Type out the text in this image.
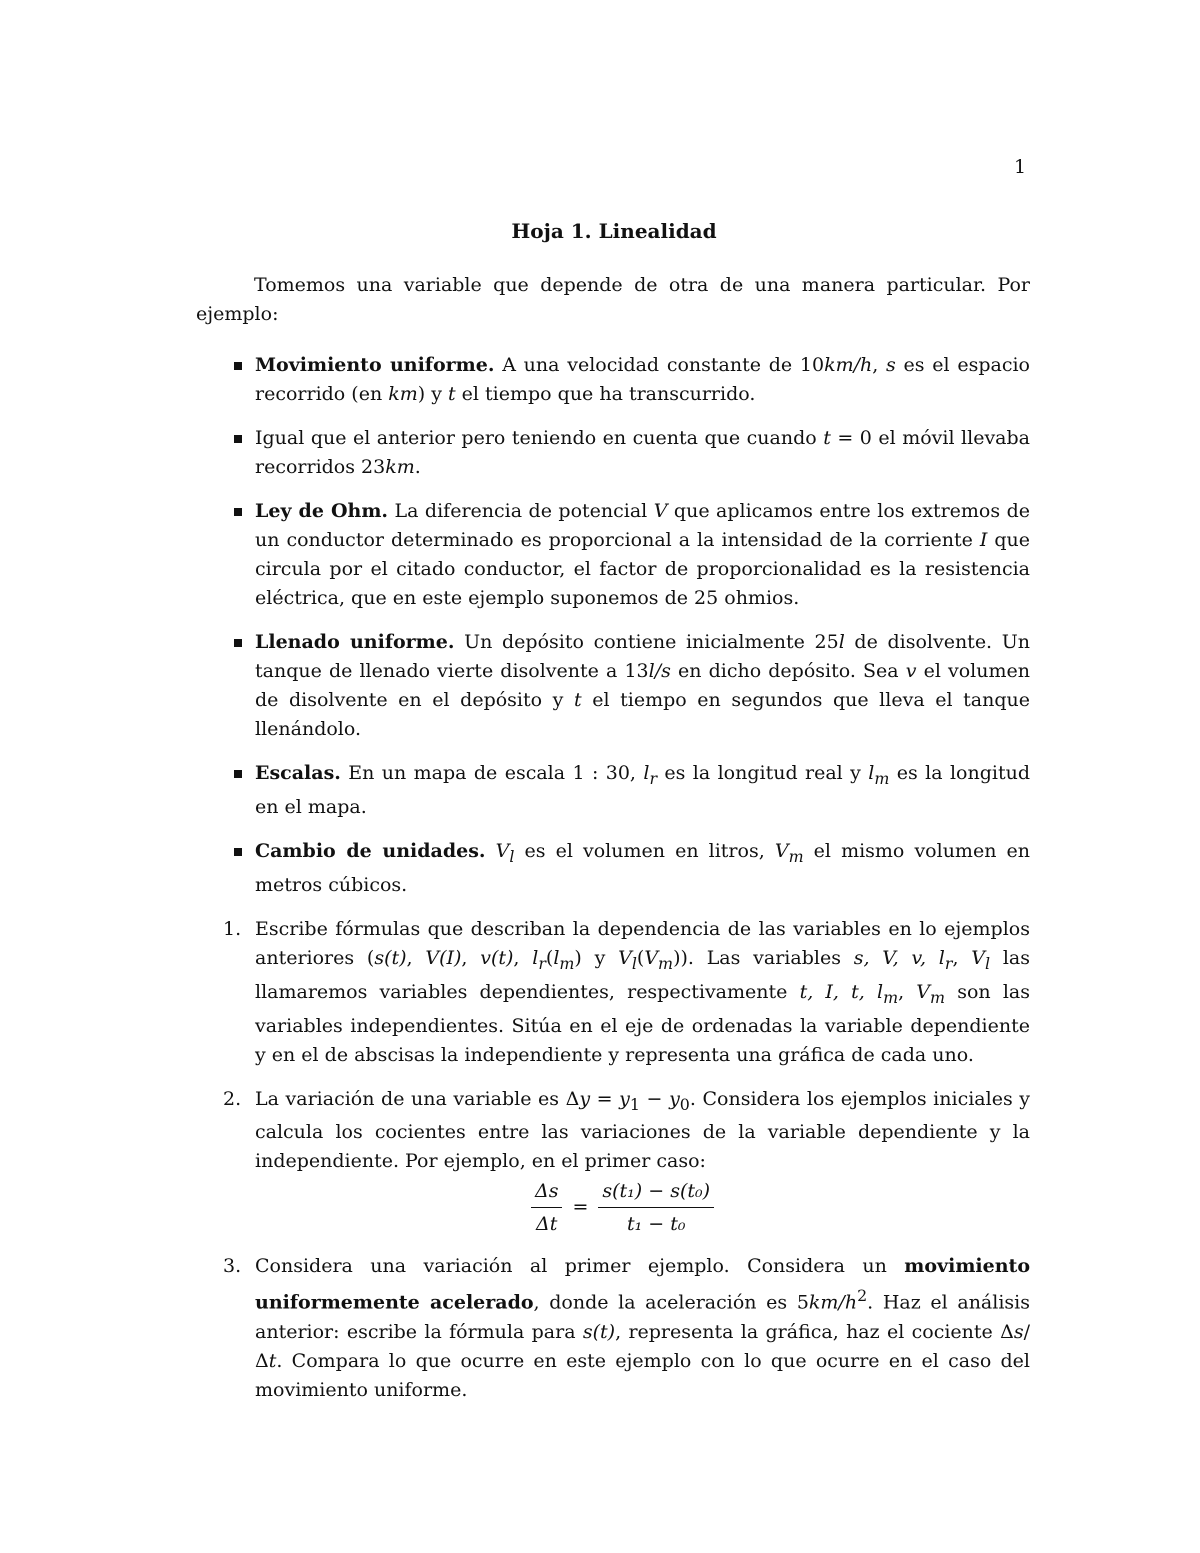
1
Hoja 1. Linealidad

Tomemos una variable que depende de otra de una manera particular. Por ejemplo:

Movimiento uniforme. A una velocidad constante de 10km/h, s es el espacio recorrido (en km) y t el tiempo que ha transcurrido.
Igual que el anterior pero teniendo en cuenta que cuando t = 0 el móvil llevaba recorridos 23km.
Ley de Ohm. La diferencia de potencial V que aplicamos entre los extremos de un conductor determinado es proporcional a la intensidad de la corriente I que circula por el citado conductor, el factor de proporcionalidad es la resistencia eléctrica, que en este ejemplo suponemos de 25 ohmios.
Llenado uniforme. Un depósito contiene inicialmente 25l de disolvente. Un tanque de llenado vierte disolvente a 13l/s en dicho depósito. Sea v el volumen de disolvente en el depósito y t el tiempo en segundos que lleva el tanque llenándolo.
Escalas. En un mapa de escala 1 : 30, $l_r$ es la longitud real y $l_m$ es la longitud en el mapa.
Cambio de unidades. $V_l$ es el volumen en litros, $V_m$ el mismo volumen en metros cúbicos.
1. Escribe fórmulas que describan la dependencia de las variables en lo ejemplos anteriores (s(t), V(I), v(t), $l_r(l_m)$ y $V_l(V_m)$). Las variables s, V, v, $l_r$, $V_l$ las llamaremos variables dependientes, respectivamente t, I, t, $l_m$, $V_m$ son las variables independientes. Sitúa en el eje de ordenadas la variable dependiente y en el de abscisas la independiente y representa una gráfica de cada uno.
2. La variación de una variable es $\Delta y = y_1 - y_0$. Considera los ejemplos iniciales y calcula los cocientes entre las variaciones de la variable dependiente y la independiente. Por ejemplo, en el primer caso:
$\frac{\Delta s}{\Delta t} = \frac{\text{s(t₁) − s(t₀)}}{\text{t₁ − t₀}}$
3. Considera una variación al primer ejemplo. Considera un movimiento uniformemente acelerado, donde la aceleración es $5km/h^2$. Haz el análisis anterior: escribe la fórmula para s(t), representa la gráfica, haz el cociente Δs/Δt. Compara lo que ocurre en este ejemplo con lo que ocurre en el caso del movimiento uniforme.
